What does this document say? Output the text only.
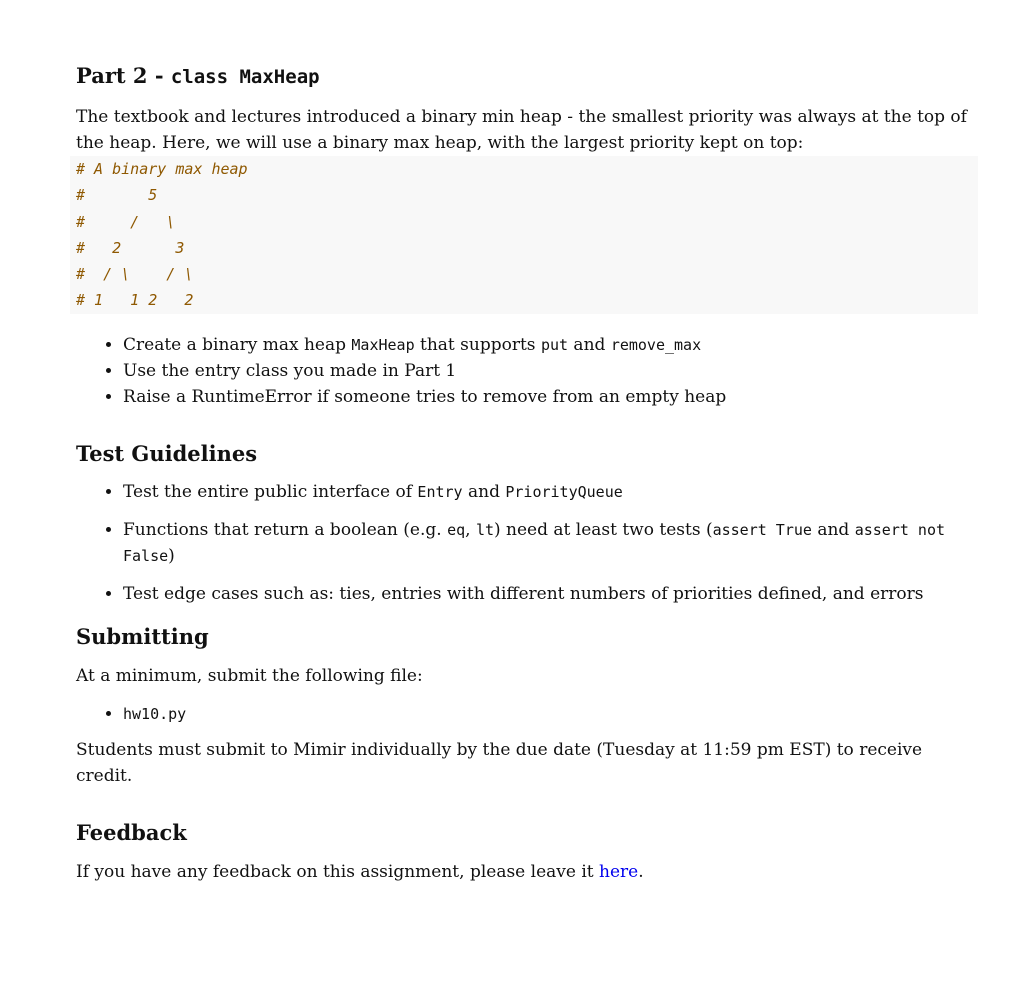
Part 2 - class MaxHeap

The textbook and lectures introduced a binary min heap - the smallest priority was always at the top of the heap. Here, we will use a binary max heap, with the largest priority kept on top:

# A binary max heap
#       5
#     /   \
#   2      3
#  / \    / \
# 1   1 2   2
• Create a binary max heap MaxHeap that supports put and remove_max
• Use the entry class you made in Part 1
• Raise a RuntimeError if someone tries to remove from an empty heap
Test Guidelines
• Test the entire public interface of Entry and PriorityQueue
• Functions that return a boolean (e.g. eq, lt) need at least two tests (assert True and assert not False)
• Test edge cases such as: ties, entries with different numbers of priorities defined, and errors
Submitting

At a minimum, submit the following file:

• hw10.py

Students must submit to Mimir individually by the due date (Tuesday at 11:59 pm EST) to receive credit.

Feedback

If you have any feedback on this assignment, please leave it here.
